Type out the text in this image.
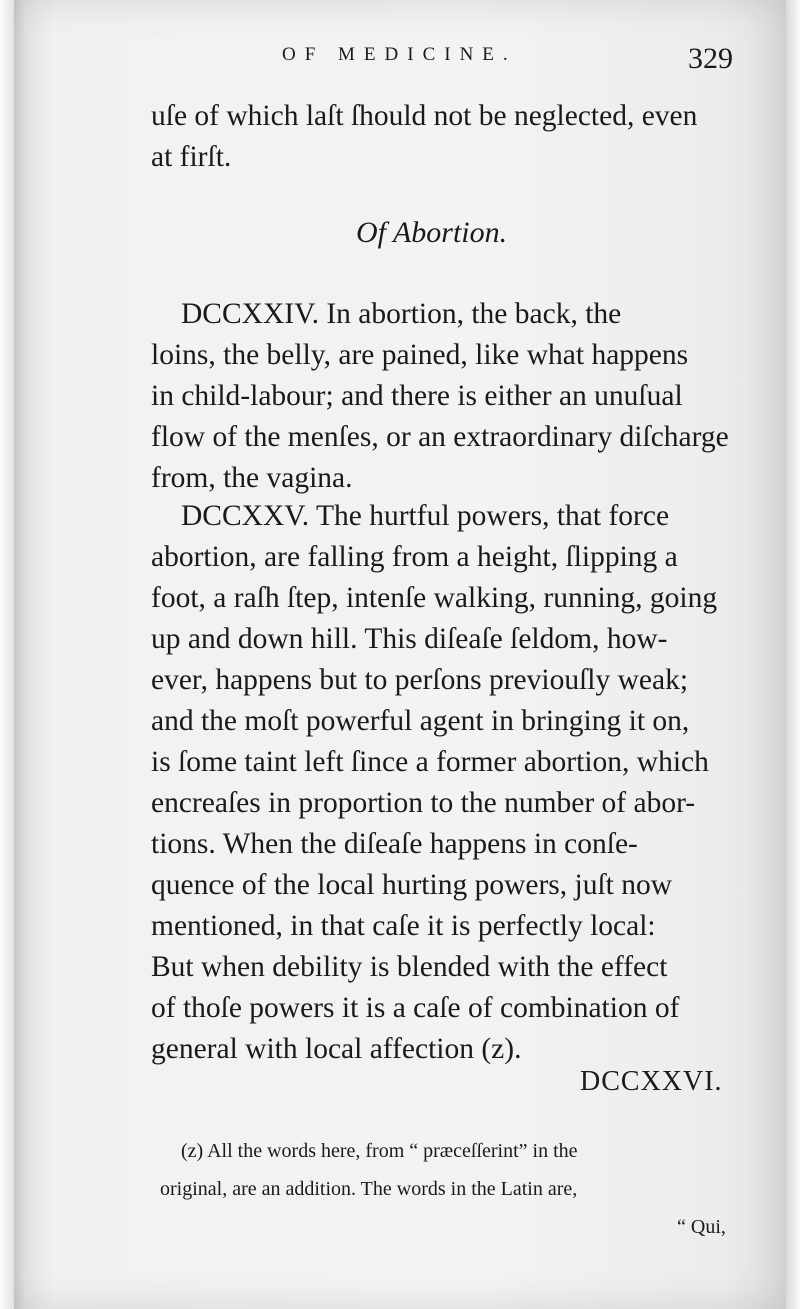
OF MEDICINE.	329
uſe of which laſt ſhould not be neglected, even
at firſt.
Of Abortion.
DCCXXIV. In abortion, the back, the
loins, the belly, are pained, like what happens
in child-labour; and there is either an unuſual
flow of the menſes, or an extraordinary diſcharge
from, the vagina.
DCCXXV. The hurtful powers, that force
abortion, are falling from a height, ſlipping a
foot, a raſh ſtep, intenſe walking, running, going
up and down hill. This diſeaſe ſeldom, how-
ever, happens but to perſons previouſly weak;
and the moſt powerful agent in bringing it on,
is ſome taint left ſince a former abortion, which
encreaſes in proportion to the number of abor-
tions. When the diſeaſe happens in conſe-
quence of the local hurting powers, juſt now
mentioned, in that caſe it is perfectly local:
But when debility is blended with the effect
of thoſe powers it is a caſe of combination of
general with local affection (z).
DCCXXVI.
(z) All the words here, from “ præceſſerint” in the
original, are an addition. The words in the Latin are,
“ Qui,
